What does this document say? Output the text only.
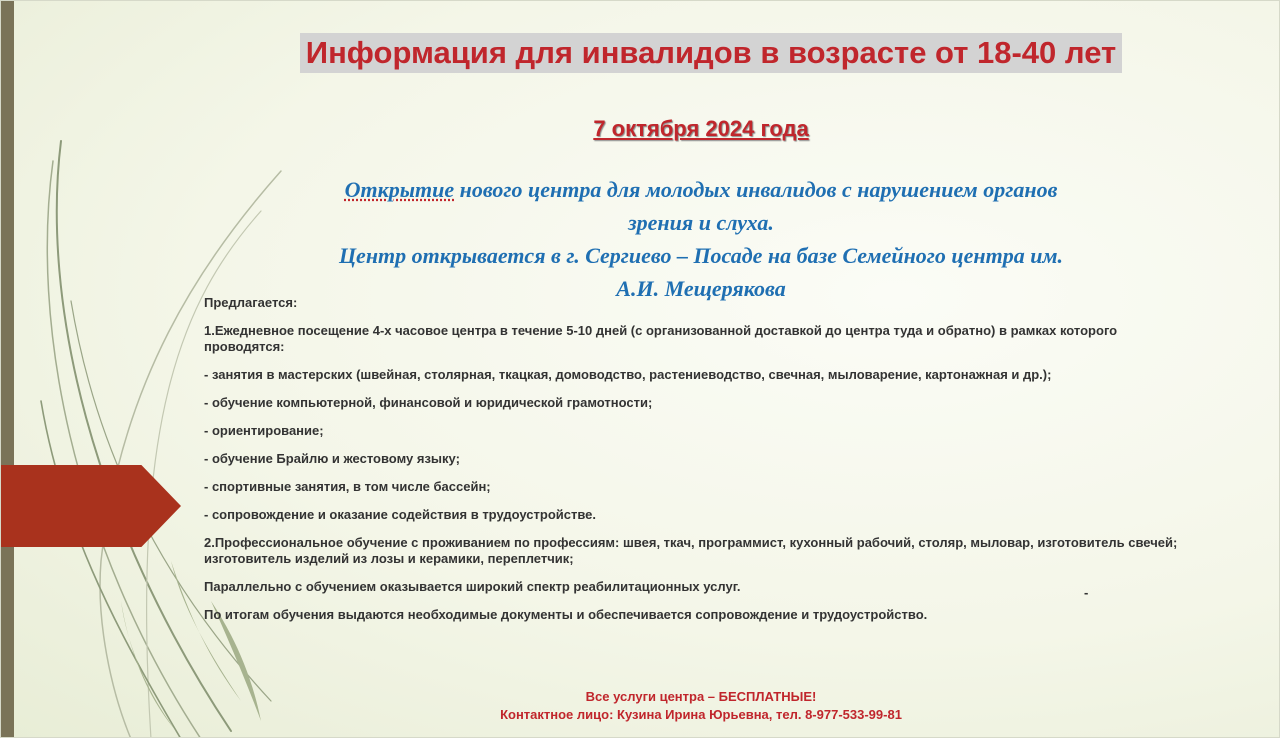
Информация для инвалидов в возрасте от 18-40 лет
7 октября 2024 года
Открытие нового центра для молодых инвалидов с нарушением органов
зрения и слуха.
Центр открывается в г. Сергиево – Посаде на базе Семейного центра им.
А.И. Мещерякова

Предлагается:

1.Ежедневное посещение 4-х часовое центра в течение 5-10 дней (с организованной доставкой до центра туда и обратно) в рамках которого проводятся:

- занятия в мастерских (швейная, столярная, ткацкая, домоводство, растениеводство, свечная, мыловарение, картонажная и др.);

- обучение компьютерной, финансовой и юридической грамотности;

- ориентирование;

- обучение Брайлю и жестовому языку;

- спортивные занятия, в том числе бассейн;

- сопровождение и оказание содействия в трудоустройстве.

2.Профессиональное обучение с проживанием по профессиям: швея, ткач, программист, кухонный рабочий, столяр, мыловар, изготовитель свечей;

изготовитель изделий из лозы и керамики, переплетчик;

Параллельно с обучением оказывается широкий спектр реабилитационных услуг.

По итогам обучения выдаются необходимые документы и обеспечивается сопровождение и трудоустройство.

-

Все услуги центра – БЕСПЛАТНЫЕ!

Контактное лицо: Кузина Ирина Юрьевна, тел. 8-977-533-99-81
